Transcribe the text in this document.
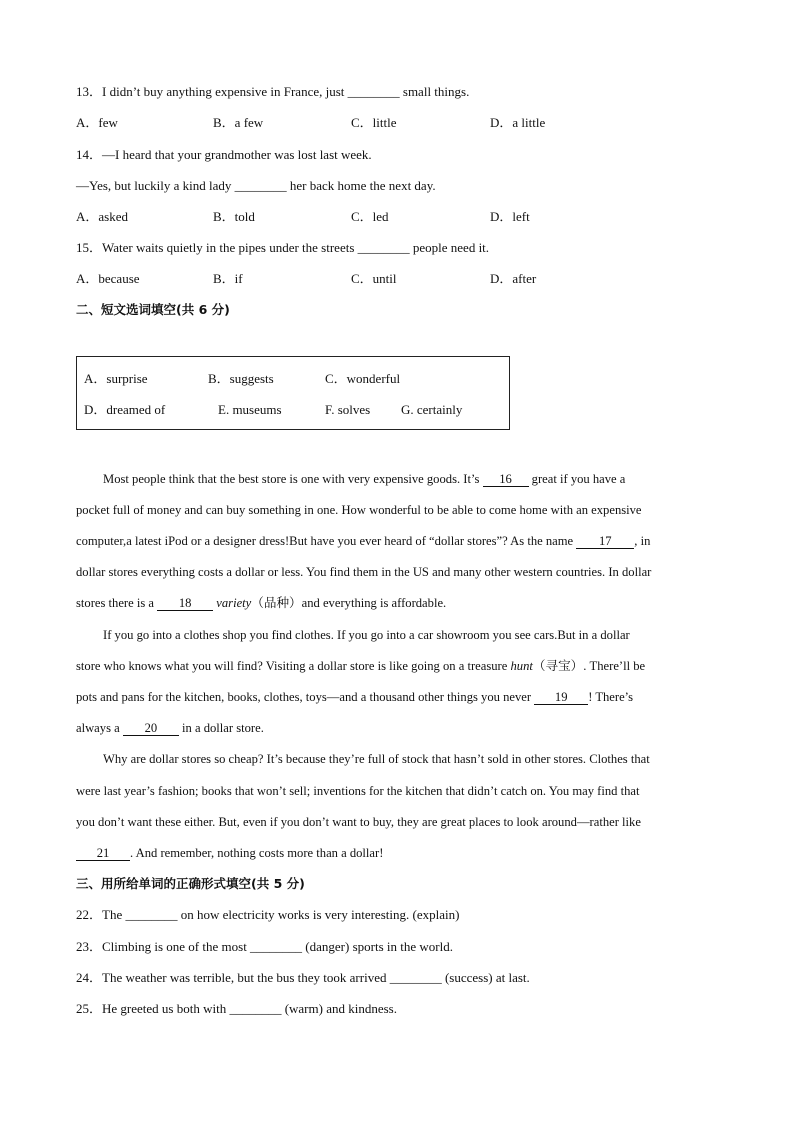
13．I didn’t buy anything expensive in France, just ________ small things.
A．few	B．a few	C．little	D．a little
14．—I heard that your grandmother was lost last week.
—Yes, but luckily a kind lady ________ her back home the next day.
A．asked	B．told	C．led	D．left
15．Water waits quietly in the pipes under the streets ________ people need it.
A．because	B．if	C．until	D．after
二、短文选词填空(共 6 分)
A．surprise	B．suggests	C．wonderful
D．dreamed of	E. museums	F. solves G. certainly
Most people think that the best store is one with very expensive goods. It’s 16 great if you have a
pocket full of money and can buy something in one. How wonderful to be able to come home with an expensive
computer,a latest iPod or a designer dress!But have you ever heard of “dollar stores”? As the name 17 , in
dollar stores everything costs a dollar or less. You find them in the US and many other western countries. In dollar
stores there is a 18 variety（品种）and everything is affordable.
If you go into a clothes shop you find clothes. If you go into a car showroom you see cars.But in a dollar
store who knows what you will find? Visiting a dollar store is like going on a treasure hunt（寻宝）. There’ll be
pots and pans for the kitchen, books, clothes, toys—and a thousand other things you never 19 ! There’s
always a 20 in a dollar store.
Why are dollar stores so cheap? It’s because they’re full of stock that hasn’t sold in other stores. Clothes that
were last year’s fashion; books that won’t sell; inventions for the kitchen that didn’t catch on. You may find that
you don’t want these either. But, even if you don’t want to buy, they are great places to look around—rather like
21 . And remember, nothing costs more than a dollar!
三、用所给单词的正确形式填空(共 5 分)
22．The ________ on how electricity works is very interesting. (explain)
23．Climbing is one of the most ________ (danger) sports in the world.
24．The weather was terrible, but the bus they took arrived ________ (success) at last.
25．He greeted us both with ________ (warm) and kindness.
